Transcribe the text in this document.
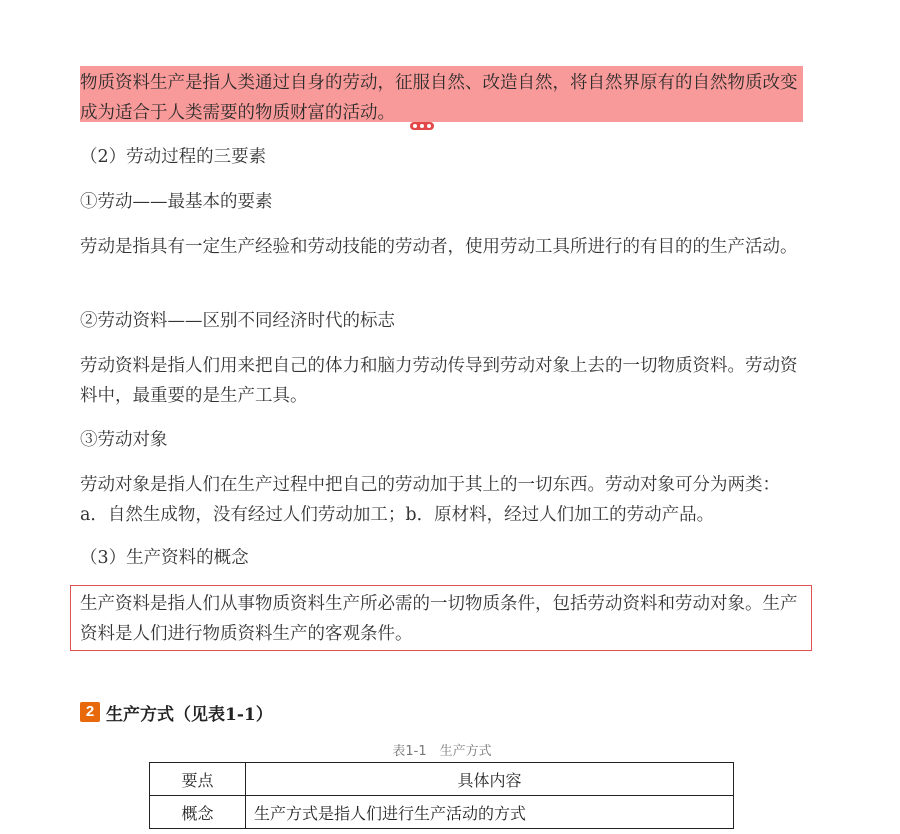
物质资料生产是指人类通过自身的劳动，征服自然、改造自然，将自然界原有的自然物质改变成为适合于人类需要的物质财富的活动。

（2）劳动过程的三要素

①劳动——最基本的要素

劳动是指具有一定生产经验和劳动技能的劳动者，使用劳动工具所进行的有目的的生产活动。

②劳动资料——区别不同经济时代的标志

劳动资料是指人们用来把自己的体力和脑力劳动传导到劳动对象上去的一切物质资料。劳动资料中，最重要的是生产工具。

③劳动对象

劳动对象是指人们在生产过程中把自己的劳动加于其上的一切东西。劳动对象可分为两类：a．自然生成物，没有经过人们劳动加工；b．原材料，经过人们加工的劳动产品。

（3）生产资料的概念

生产资料是指人们从事物质资料生产所必需的一切物质条件，包括劳动资料和劳动对象。生产资料是人们进行物质资料生产的客观条件。
2 生产方式（见表1-1）
表1-1　生产方式
要点	具体内容
概念	生产方式是指人们进行生产活动的方式
